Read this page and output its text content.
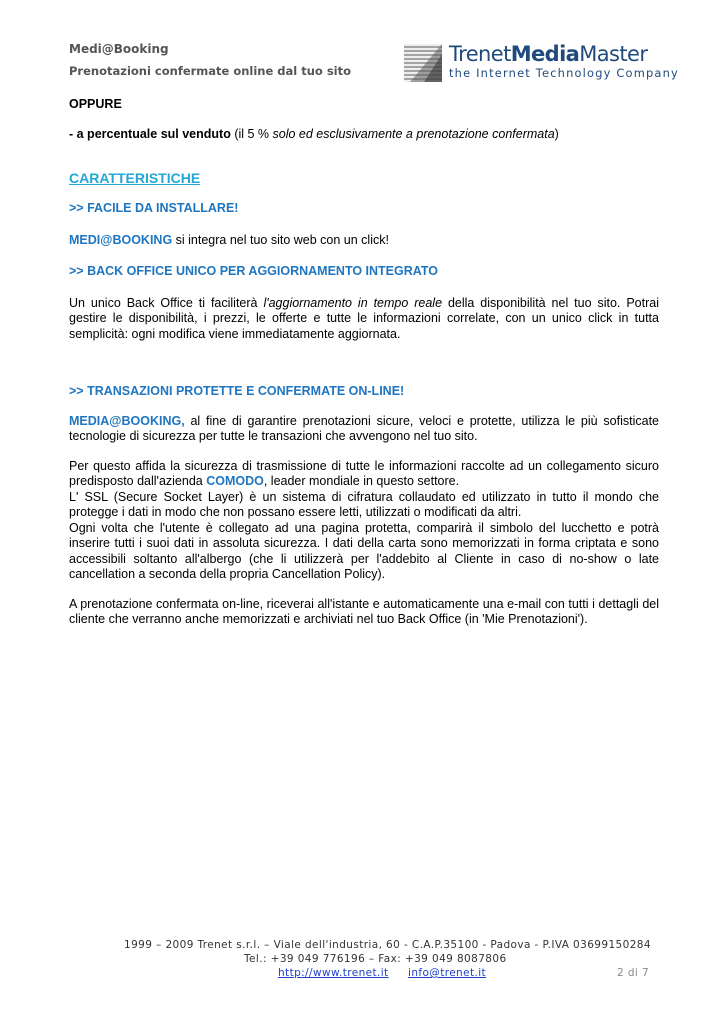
Medi@Booking
Prenotazioni confermate online dal tuo sito
TrenetMediaMaster
the Internet Technology Company

OPPURE

- a percentuale sul venduto (il 5 % solo ed esclusivamente a prenotazione confermata)

CARATTERISTICHE

>> FACILE DA INSTALLARE!

MEDI@BOOKING si integra nel tuo sito web con un click!

>> BACK OFFICE UNICO PER AGGIORNAMENTO INTEGRATO

Un unico Back Office ti faciliterà l'aggiornamento in tempo reale della disponibilità nel tuo sito. Potrai gestire le disponibilità, i prezzi, le offerte e tutte le informazioni correlate, con un unico click in tutta semplicità: ogni modifica viene immediatamente aggiornata.

>> TRANSAZIONI PROTETTE E CONFERMATE ON-LINE!

MEDIA@BOOKING, al fine di garantire prenotazioni sicure, veloci e protette, utilizza le più sofisticate tecnologie di sicurezza per tutte le transazioni che avvengono nel tuo sito.

Per questo affida la sicurezza di trasmissione di tutte le informazioni raccolte ad un collegamento sicuro predisposto dall'azienda COMODO, leader mondiale in questo settore.

L' SSL (Secure Socket Layer) è un sistema di cifratura collaudato ed utilizzato in tutto il mondo che protegge i dati in modo che non possano essere letti, utilizzati o modificati da altri.

Ogni volta che l'utente è collegato ad una pagina protetta, comparirà il simbolo del lucchetto e potrà inserire tutti i suoi dati in assoluta sicurezza. I dati della carta sono memorizzati in forma criptata e sono accessibili soltanto all'albergo (che li utilizzerà per l'addebito al Cliente in caso di no-show o late cancellation a seconda della propria Cancellation Policy).

A prenotazione confermata on-line, riceverai all'istante e automaticamente una e-mail con tutti i dettagli del cliente che verranno anche memorizzati e archiviati nel tuo Back Office (in 'Mie Prenotazioni').

1999 – 2009 Trenet s.r.l. – Viale dell'industria, 60 - C.A.P.35100 - Padova - P.IVA 03699150284
Tel.: +39 049 776196 – Fax: +39 049 8087806
http://www.trenet.it info@trenet.it	2 di 7
